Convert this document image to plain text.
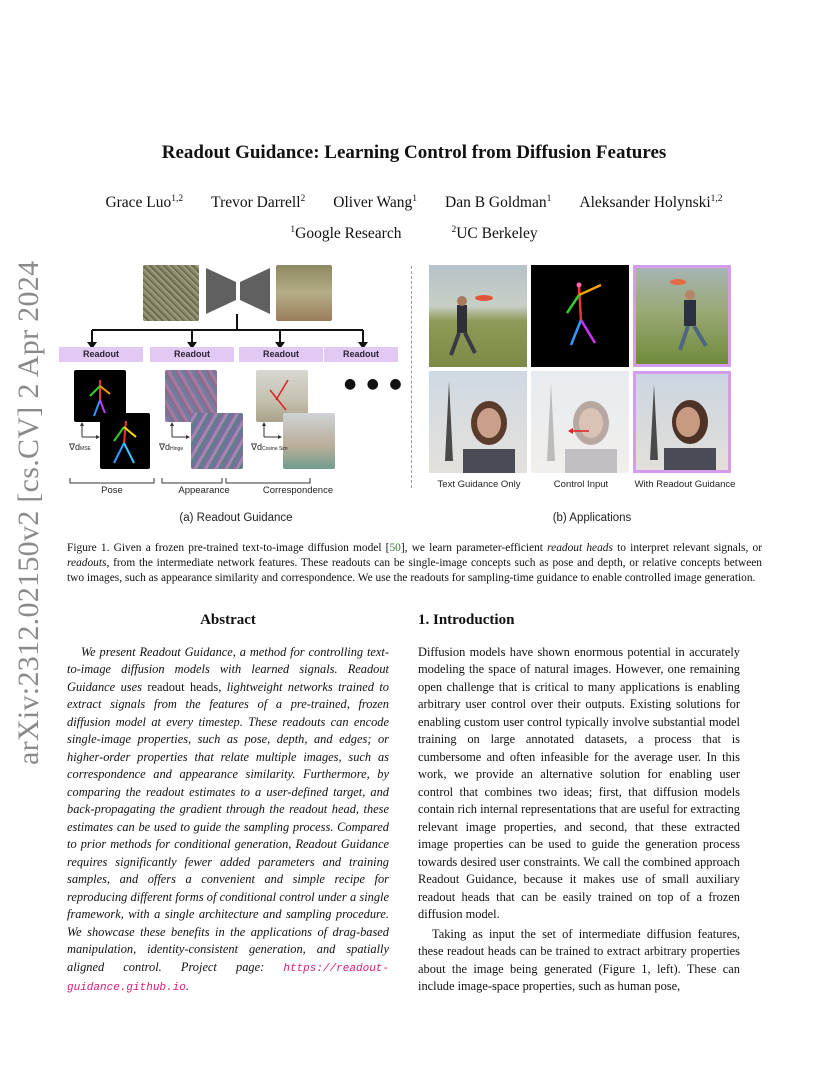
arXiv:2312.02150v2 [cs.CV] 2 Apr 2024
Readout Guidance: Learning Control from Diffusion Features
Grace Luo$^{1,2}$ Trevor Darrell$^2$ Oliver Wang$^1$ Dan B Goldman$^1$ Aleksander Holynski$^{1,2}$
$^1$Google Research	$^2$UC Berkeley
Readout	Readout	Readout	Readout
∇dMSE	∇dHinge	∇dCosine Sim
● ● ●
Pose	Appearance	Correspondence
(a) Readout Guidance
Text Guidance Only	Control Input	With Readout Guidance
(b) Applications
Figure 1. Given a frozen pre-trained text-to-image diffusion model [50], we learn parameter-efficient readout heads to interpret relevant signals, or readouts, from the intermediate network features. These readouts can be single-image concepts such as pose and depth, or relative concepts between two images, such as appearance similarity and correspondence. We use the readouts for sampling-time guidance to enable controlled image generation.
Abstract
We present Readout Guidance, a method for controlling text-to-image diffusion models with learned signals. Readout Guidance uses readout heads, lightweight networks trained to extract signals from the features of a pre-trained, frozen diffusion model at every timestep. These readouts can encode single-image properties, such as pose, depth, and edges; or higher-order properties that relate multiple images, such as correspondence and appearance similarity. Furthermore, by comparing the readout estimates to a user-defined target, and back-propagating the gradient through the readout head, these estimates can be used to guide the sampling process. Compared to prior methods for conditional generation, Readout Guidance requires significantly fewer added parameters and training samples, and offers a convenient and simple recipe for reproducing different forms of conditional control under a single framework, with a single architecture and sampling procedure. We showcase these benefits in the applications of drag-based manipulation, identity-consistent generation, and spatially aligned control. Project page: https://readout-guidance.github.io.
1. Introduction
Diffusion models have shown enormous potential in accurately modeling the space of natural images. However, one remaining open challenge that is critical to many applications is enabling arbitrary user control over their outputs. Existing solutions for enabling custom user control typically involve substantial model training on large annotated datasets, a process that is cumbersome and often infeasible for the average user. In this work, we provide an alternative solution for enabling user control that combines two ideas; first, that diffusion models contain rich internal representations that are useful for extracting relevant image properties, and second, that these extracted image properties can be used to guide the generation process towards desired user constraints. We call the combined approach Readout Guidance, because it makes use of small auxiliary readout heads that can be easily trained on top of a frozen diffusion model.
Taking as input the set of intermediate diffusion features, these readout heads can be trained to extract arbitrary properties about the image being generated (Figure 1, left). These can include image-space properties, such as human pose,
